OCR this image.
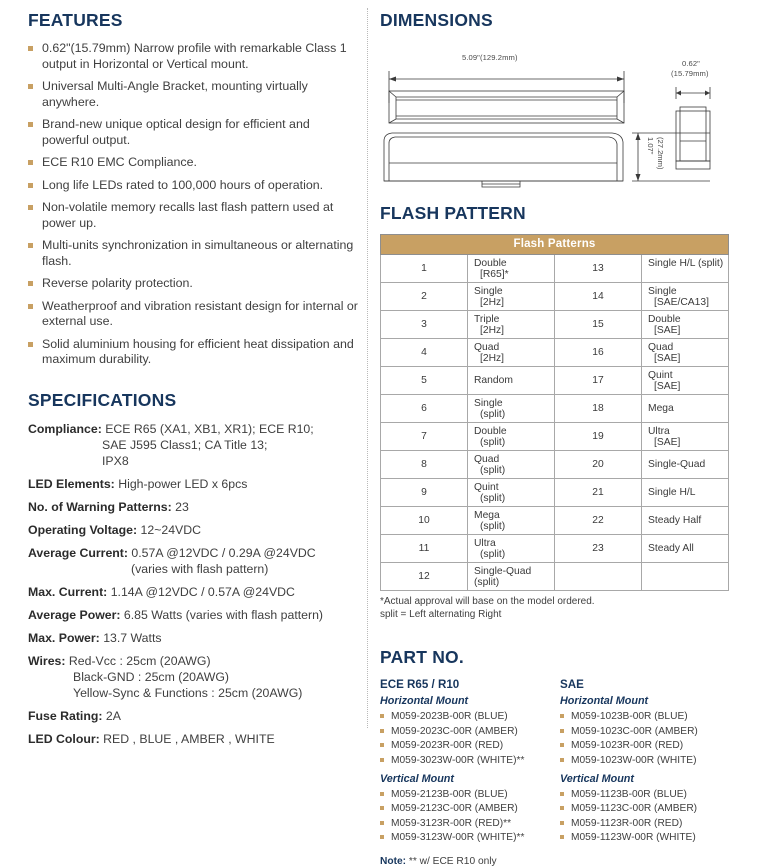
FEATURES
0.62"(15.79mm) Narrow profile with remarkable Class 1 output in Horizontal or Vertical mount.
Universal Multi-Angle Bracket, mounting virtually anywhere.
Brand-new unique optical design for efficient and powerful output.
ECE R10 EMC Compliance.
Long life LEDs rated to 100,000 hours of operation.
Non-volatile memory recalls last flash pattern used at power up.
Multi-units synchronization in simultaneous or alternating flash.
Reverse polarity protection.
Weatherproof and vibration resistant design for internal or external use.
Solid aluminium housing for efficient heat dissipation and maximum durability.
SPECIFICATIONS
Compliance: ECE R65 (XA1, XB1, XR1); ECE R10;
SAE J595 Class1; CA Title 13;
IPX8
LED Elements: High-power LED x 6pcs
No. of Warning Patterns: 23
Operating Voltage: 12~24VDC
Average Current: 0.57A @12VDC / 0.29A @24VDC
(varies with flash pattern)
Max. Current: 1.14A @12VDC / 0.57A @24VDC
Average Power: 6.85 Watts (varies with flash pattern)
Max. Power: 13.7 Watts
Wires: Red-Vcc : 25cm (20AWG)
Black-GND : 25cm (20AWG)
Yellow-Sync & Functions : 25cm (20AWG)
Fuse Rating: 2A
LED Colour: RED , BLUE , AMBER , WHITE
DIMENSIONS
5.09"(129.2mm)
1.07" (27.2mm)
0.62"
(15.79mm)
FLASH PATTERN
Flash Patterns			
1	Double[R65]*	13	Single H/L (split)
2	Single[2Hz]	14	Single[SAE/CA13]
3	Triple[2Hz]	15	Double[SAE]
4	Quad[2Hz]	16	Quad[SAE]
5	Random	17	Quint[SAE]
6	Single(split)	18	Mega
7	Double(split)	19	Ultra[SAE]
8	Quad(split)	20	Single-Quad
9	Quint(split)	21	Single H/L
10	Mega(split)	22	Steady Half
11	Ultra(split)	23	Steady All
12	Single-Quad (split)		
*Actual approval will base on the model ordered.
split = Left alternating Right
PART NO.
ECE R65 / R10
Horizontal Mount
M059-2023B-00R (BLUE)
M059-2023C-00R (AMBER)
M059-2023R-00R (RED)
M059-3023W-00R (WHITE)**
Vertical Mount
M059-2123B-00R (BLUE)
M059-2123C-00R (AMBER)
M059-3123R-00R (RED)**
M059-3123W-00R (WHITE)**
SAE
Horizontal Mount
M059-1023B-00R (BLUE)
M059-1023C-00R (AMBER)
M059-1023R-00R (RED)
M059-1023W-00R (WHITE)
Vertical Mount
M059-1123B-00R (BLUE)
M059-1123C-00R (AMBER)
M059-1123R-00R (RED)
M059-1123W-00R (WHITE)
Note: ** w/ ECE R10 only
